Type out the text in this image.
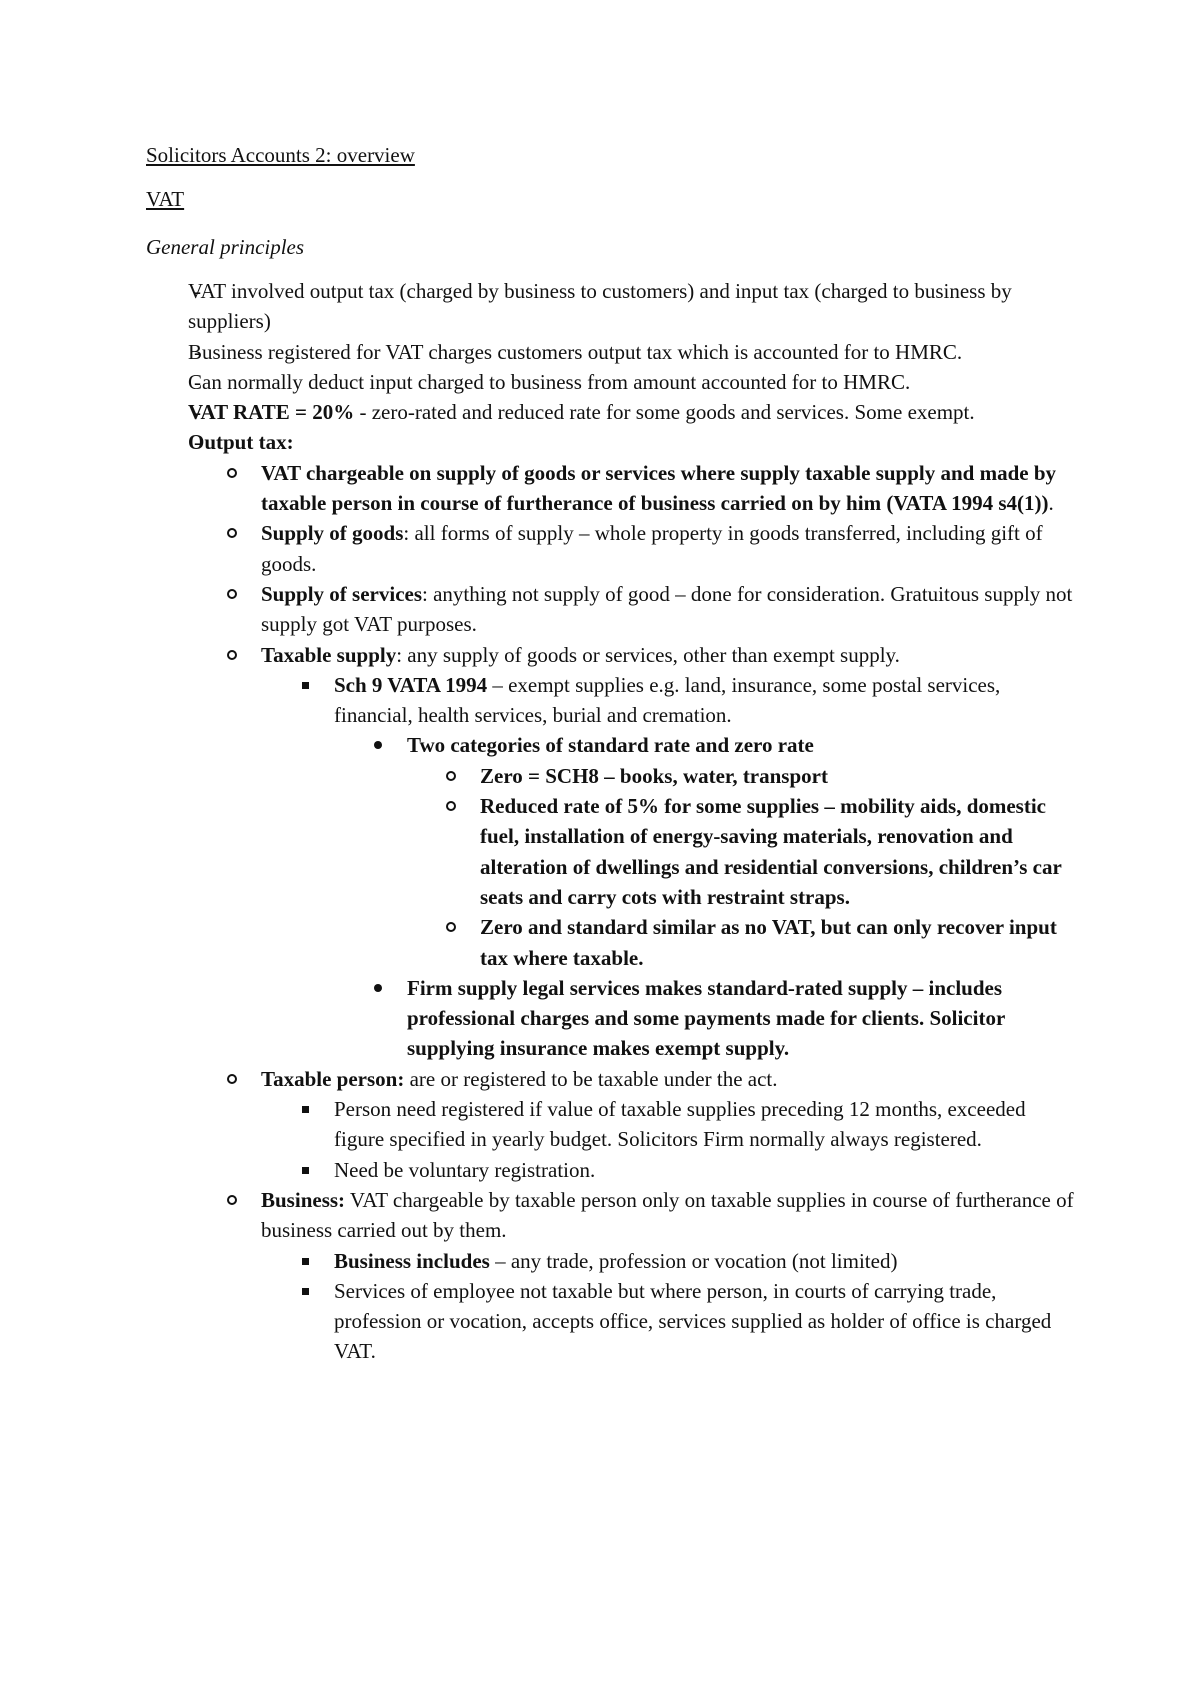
Solicitors Accounts 2: overview

VAT

General principles

- VAT involved output tax (charged by business to customers) and input tax (charged to business by suppliers)
- Business registered for VAT charges customers output tax which is accounted for to HMRC.
- Can normally deduct input charged to business from amount accounted for to HMRC.
- VAT RATE = 20% - zero-rated and reduced rate for some goods and services. Some exempt.
- Output tax:
VAT chargeable on supply of goods or services where supply taxable supply and made by taxable person in course of furtherance of business carried on by him (VATA 1994 s4(1)).
Supply of goods: all forms of supply – whole property in goods transferred, including gift of goods.
Supply of services: anything not supply of good – done for consideration. Gratuitous supply not supply got VAT purposes.
Taxable supply: any supply of goods or services, other than exempt supply.
Sch 9 VATA 1994 – exempt supplies e.g. land, insurance, some postal services, financial, health services, burial and cremation.
Two categories of standard rate and zero rate
Zero = SCH8 – books, water, transport
Reduced rate of 5% for some supplies – mobility aids, domestic fuel, installation of energy-saving materials, renovation and alteration of dwellings and residential conversions, children’s car seats and carry cots with restraint straps.
Zero and standard similar as no VAT, but can only recover input tax where taxable.
Firm supply legal services makes standard-rated supply – includes professional charges and some payments made for clients. Solicitor supplying insurance makes exempt supply.
Taxable person: are or registered to be taxable under the act.
Person need registered if value of taxable supplies preceding 12 months, exceeded figure specified in yearly budget. Solicitors Firm normally always registered.
Need be voluntary registration.
Business: VAT chargeable by taxable person only on taxable supplies in course of furtherance of business carried out by them.
Business includes – any trade, profession or vocation (not limited)
Services of employee not taxable but where person, in courts of carrying trade, profession or vocation, accepts office, services supplied as holder of office is charged VAT.
